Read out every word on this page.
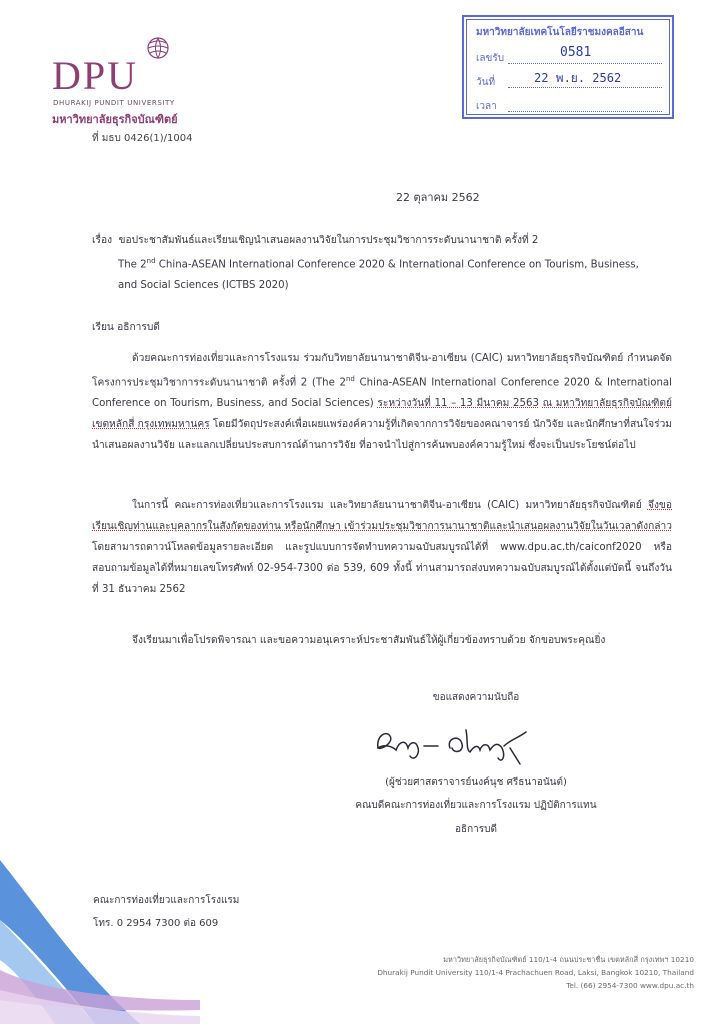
DPU
DHURAKIJ PUNDIT UNIVERSITY
มหาวิทยาลัยธุรกิจบัณฑิตย์
ที่ มธบ 0426(1)/1004
มหาวิทยาลัยเทคโนโลยีราชมงคลอีสาน
เลขรับ	0581
วันที่	22 พ.ย. 2562
เวลา
22 ตุลาคม 2562
เรื่อง ขอประชาสัมพันธ์และเรียนเชิญนำเสนอผลงานวิจัยในการประชุมวิชาการระดับนานาชาติ ครั้งที่ 2
The 2nd China-ASEAN International Conference 2020 & International Conference on Tourism, Business,
and Social Sciences (ICTBS 2020)
เรียน อธิการบดี
ด้วยคณะการท่องเที่ยวและการโรงแรม ร่วมกับวิทยาลัยนานาชาติจีน-อาเซียน (CAIC) มหาวิทยาลัยธุรกิจบัณฑิตย์ กำหนดจัดโครงการประชุมวิชาการระดับนานาชาติ ครั้งที่ 2 (The 2nd China-ASEAN International Conference 2020 & International Conference on Tourism, Business, and Social Sciences) ระหว่างวันที่ 11 – 13 มีนาคม 2563 ณ มหาวิทยาลัยธุรกิจบัณฑิตย์ เขตหลักสี่ กรุงเทพมหานคร โดยมีวัตถุประสงค์เพื่อเผยแพร่องค์ความรู้ที่เกิดจากการวิจัยของคณาจารย์ นักวิจัย และนักศึกษาที่สนใจร่วมนำเสนอผลงานวิจัย และแลกเปลี่ยนประสบการณ์ด้านการวิจัย ที่อาจนำไปสู่การค้นพบองค์ความรู้ใหม่ ซึ่งจะเป็นประโยชน์ต่อไป
ในการนี้ คณะการท่องเที่ยวและการโรงแรม และวิทยาลัยนานาชาติจีน-อาเซียน (CAIC) มหาวิทยาลัยธุรกิจบัณฑิตย์ จึงขอเรียนเชิญท่านและบุคลากรในสังกัดของท่าน หรือนักศึกษา เข้าร่วมประชุมวิชาการนานาชาติและนำเสนอผลงานวิจัยในวันเวลาดังกล่าว โดยสามารถดาวน์โหลดข้อมูลรายละเอียด และรูปแบบการจัดทำบทความฉบับสมบูรณ์ได้ที่ www.dpu.ac.th/caiconf2020 หรือสอบถามข้อมูลได้ที่หมายเลขโทรศัพท์ 02-954-7300 ต่อ 539, 609 ทั้งนี้ ท่านสามารถส่งบทความฉบับสมบูรณ์ได้ตั้งแต่บัดนี้ จนถึงวันที่ 31 ธันวาคม 2562
จึงเรียนมาเพื่อโปรดพิจารณา และขอความอนุเคราะห์ประชาสัมพันธ์ให้ผู้เกี่ยวข้องทราบด้วย จักขอบพระคุณยิ่ง
ขอแสดงความนับถือ
(ผู้ช่วยศาสตราจารย์นงค์นุช ศรีธนาอนันต์)
คณบดีคณะการท่องเที่ยวและการโรงแรม ปฏิบัติการแทน
อธิการบดี
คณะการท่องเที่ยวและการโรงแรม
โทร. 0 2954 7300 ต่อ 609
มหาวิทยาลัยธุรกิจบัณฑิตย์ 110/1-4 ถนนประชาชื่น เขตหลักสี่ กรุงเทพฯ 10210
Dhurakij Pundit University 110/1-4 Prachachuen Road, Laksi, Bangkok 10210, Thailand
Tel. (66) 2954-7300 www.dpu.ac.th
